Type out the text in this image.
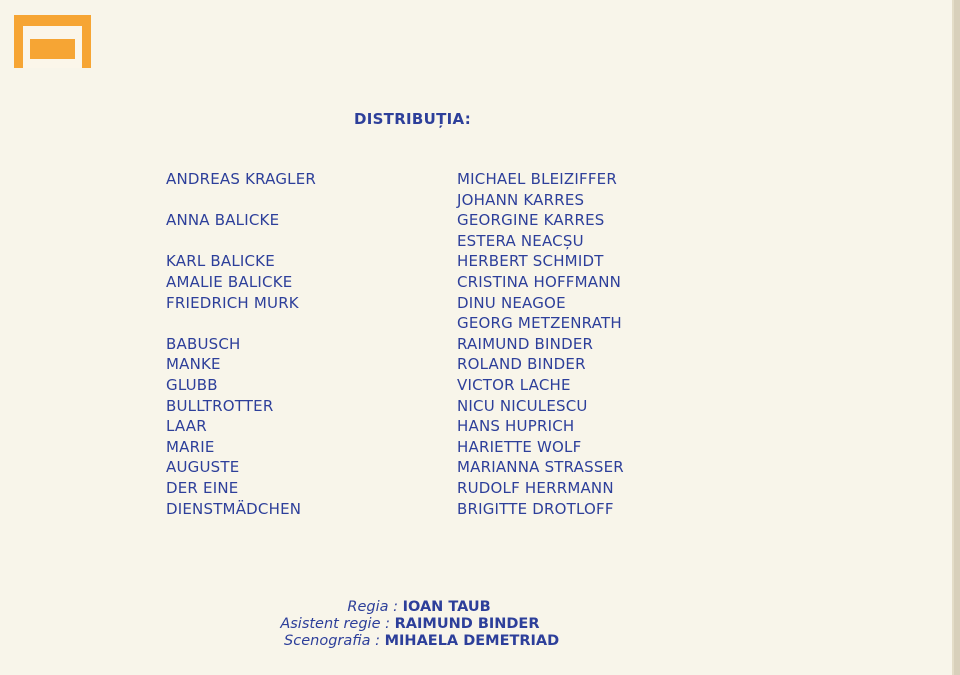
DISTRIBUȚIA:
ANDREAS KRAGLER
ANNA BALICKE
KARL BALICKE
AMALIE BALICKE
FRIEDRICH MURK
BABUSCH
MANKE
GLUBB
BULLTROTTER
LAAR
MARIE
AUGUSTE
DER EINE
DIENSTMÄDCHEN
MICHAEL BLEIZIFFER
JOHANN KARRES
GEORGINE KARRES
ESTERA NEACȘU
HERBERT SCHMIDT
CRISTINA HOFFMANN
DINU NEAGOE
GEORG METZENRATH
RAIMUND BINDER
ROLAND BINDER
VICTOR LACHE
NICU NICULESCU
HANS HUPRICH
HARIETTE WOLF
MARIANNA STRASSER
RUDOLF HERRMANN
BRIGITTE DROTLOFF
Regia : IOAN TAUB
Asistent regie : RAIMUND BINDER
Scenografia : MIHAELA DEMETRIAD
